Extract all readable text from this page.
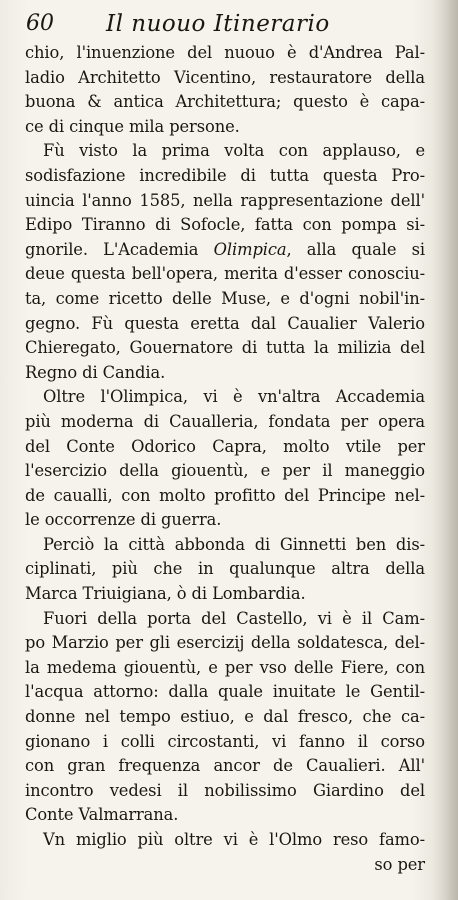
60 Il nuouo Itinerario
chio, l'inuenzione del nuouo è d'Andrea Pal-
ladio Architetto Vicentino, restauratore della
buona & antica Architettura; questo è capa-
ce di cinque mila persone.
Fù visto la prima volta con applauso, e
sodisfazione incredibile di tutta questa Pro-
uincia l'anno 1585, nella rappresentazione dell'
Edipo Tiranno di Sofocle, fatta con pompa si-
gnorile. L'Academia Olimpica, alla quale si
deue questa bell'opera, merita d'esser conosciu-
ta, come ricetto delle Muse, e d'ogni nobil'in-
gegno. Fù questa eretta dal Caualier Valerio
Chieregato, Gouernatore di tutta la milizia del
Regno di Candia.
Oltre l'Olimpica, vi è vn'altra Accademia
più moderna di Caualleria, fondata per opera
del Conte Odorico Capra, molto vtile per
l'esercizio della giouentù, e per il maneggio
de caualli, con molto profitto del Principe nel-
le occorrenze di guerra.
Perciò la città abbonda di Ginnetti ben dis-
ciplinati, più che in qualunque altra della
Marca Triuigiana, ò di Lombardia.
Fuori della porta del Castello, vi è il Cam-
po Marzio per gli esercizij della soldatesca, del-
la medema giouentù, e per vso delle Fiere, con
l'acqua attorno: dalla quale inuitate le Gentil-
donne nel tempo estiuo, e dal fresco, che ca-
gionano i colli circostanti, vi fanno il corso
con gran frequenza ancor de Caualieri. All'
incontro vedesi il nobilissimo Giardino del
Conte Valmarrana.
Vn miglio più oltre vi è l'Olmo reso famo-
so per
